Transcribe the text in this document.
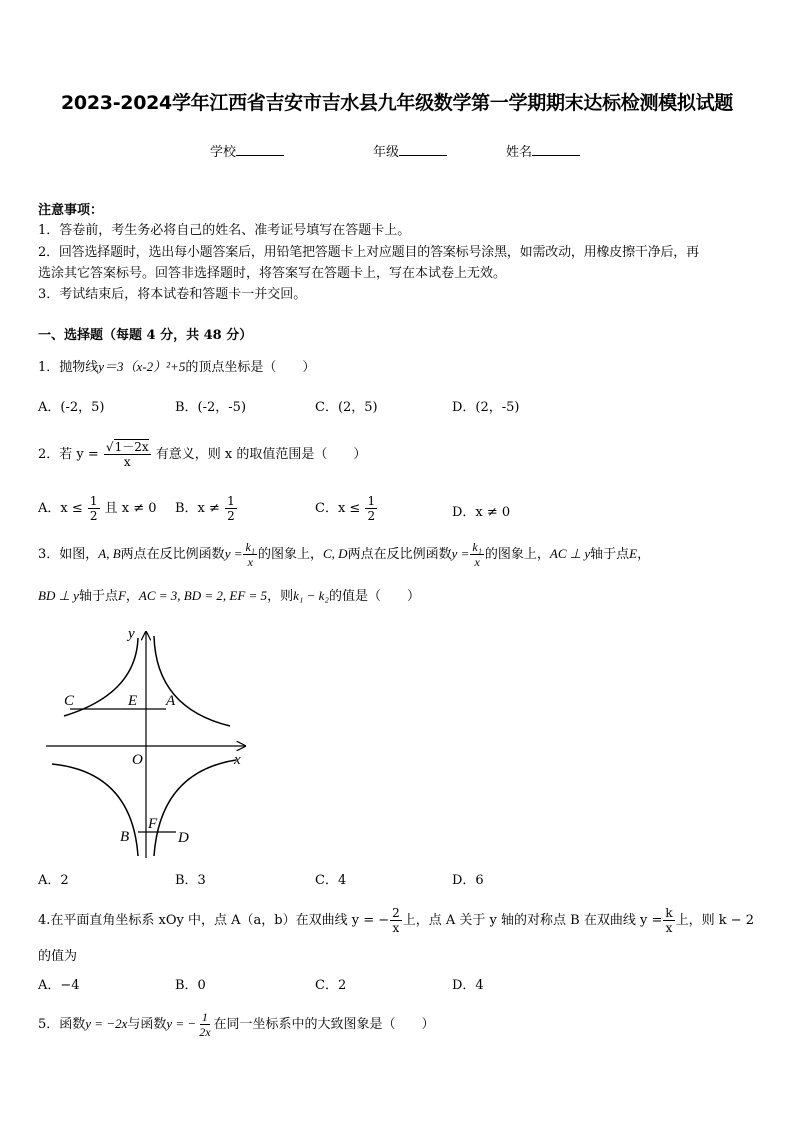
2023-2024学年江西省吉安市吉水县九年级数学第一学期期末达标检测模拟试题
学校	年级	姓名
注意事项：
1．答卷前，考生务必将自己的姓名、准考证号填写在答题卡上。
2．回答选择题时，选出每小题答案后，用铅笔把答题卡上对应题目的答案标号涂黑，如需改动，用橡皮擦干净后，再
选涂其它答案标号。回答非选择题时，将答案写在答题卡上，写在本试卷上无效。
3．考试结束后，将本试卷和答题卡一并交回。
一、选择题（每题 4 分，共 48 分）
1．抛物线y＝3（x-2）²+5的顶点坐标是（　　）
A．(-2，5)	B．(-2，-5)	C．(2，5)	D．(2，-5)
2．若 $y = \frac{√1-2x}{x}$ 有意义，则 x 的取值范围是（　　）
A．$x \le \frac{1}{2}$ 且 x ≠ 0 B．$x \ne \frac{1}{2}$	C．$x \le \frac{1}{2}$	D．x ≠ 0
3．如图，A, B两点在反比例函数$y = \frac{\text{k₁}}{x}$ 的图象上，C, D两点在反比例函数$y = \frac{\text{k₁}}{x}$ 的图象上，AC ⊥ y轴于点E，
BD ⊥ y轴于点F，AC = 3, BD = 2, EF = 5，则k₁ − k₂的值是（　　）
y
x
O
A
C	E
B
F
D
A．2	B．3	C．4	D．6
4.在平面直角坐标系 xOy 中，点 A（a，b）在双曲线 y = − $\frac{2}{x}$ 上，点 A 关于 y 轴的对称点 B 在双曲线 $y = \frac{k}{x}$ 上，则 k − 2
的值为
A．−4	B．0	C．2	D．4
5．函数y = −2x与函数y = − $\frac{1}{2x}$ 在同一坐标系中的大致图象是（　　）
